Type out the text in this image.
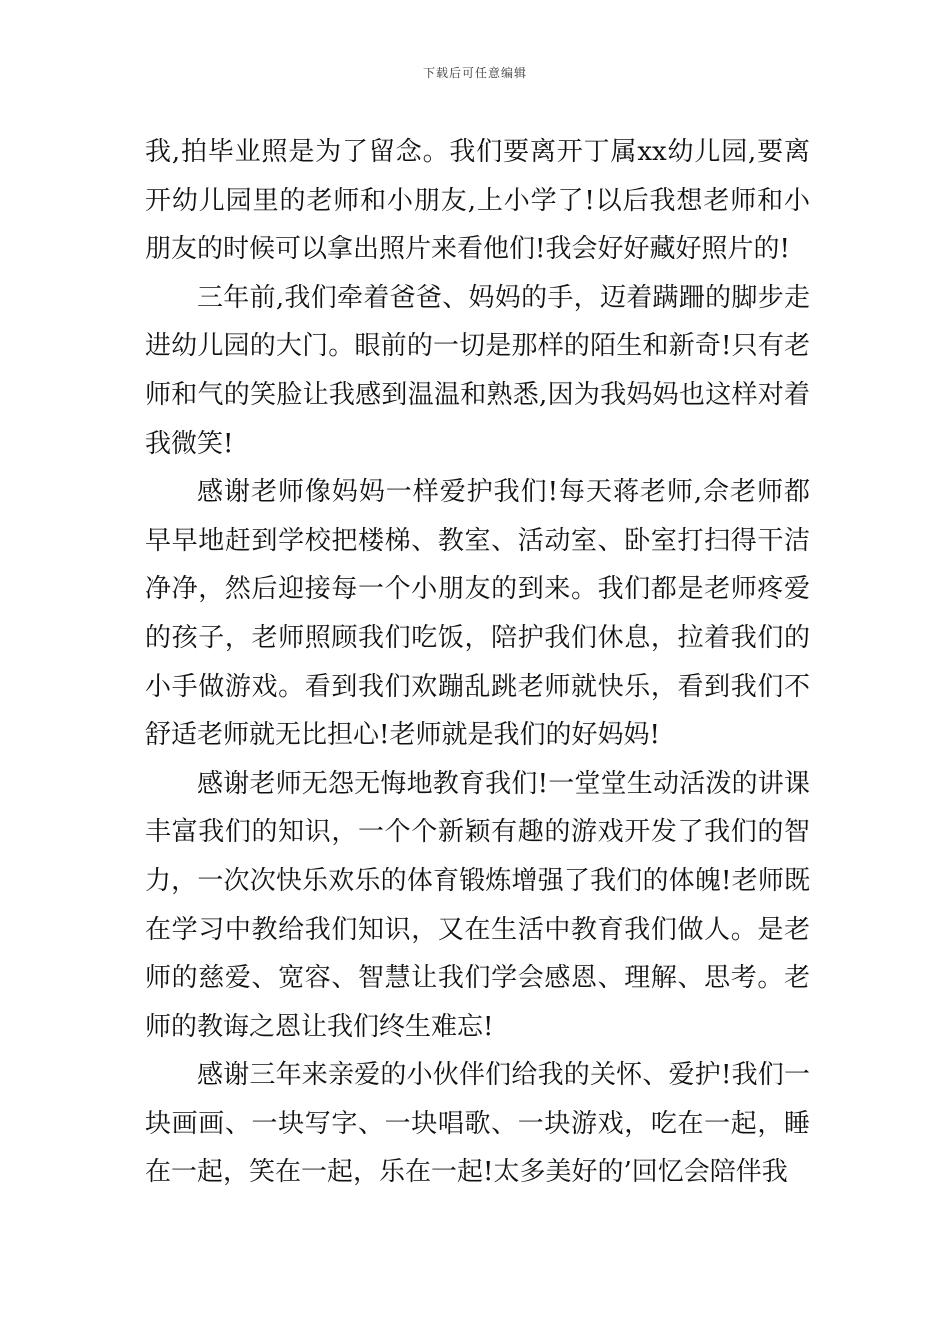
下载后可任意编辑

我,拍毕业照是为了留念。我们要离开丁属xx幼儿园,要离开幼儿园里的老师和小朋友,上小学了!以后我想老师和小朋友的时候可以拿出照片来看他们!我会好好藏好照片的!

三年前,我们牵着爸爸、妈妈的手，迈着蹒跚的脚步走进幼儿园的大门。眼前的一切是那样的陌生和新奇!只有老师和气的笑脸让我感到温温和熟悉,因为我妈妈也这样对着我微笑!

感谢老师像妈妈一样爱护我们!每天蒋老师,佘老师都早早地赶到学校把楼梯、教室、活动室、卧室打扫得干洁净净，然后迎接每一个小朋友的到来。我们都是老师疼爱的孩子，老师照顾我们吃饭，陪护我们休息，拉着我们的小手做游戏。看到我们欢蹦乱跳老师就快乐，看到我们不舒适老师就无比担心!老师就是我们的好妈妈!

感谢老师无怨无悔地教育我们!一堂堂生动活泼的讲课丰富我们的知识，一个个新颖有趣的游戏开发了我们的智力，一次次快乐欢乐的体育锻炼增强了我们的体魄!老师既在学习中教给我们知识，又在生活中教育我们做人。是老师的慈爱、宽容、智慧让我们学会感恩、理解、思考。老师的教诲之恩让我们终生难忘!

感谢三年来亲爱的小伙伴们给我的关怀、爱护!我们一块画画、一块写字、一块唱歌、一块游戏，吃在一起，睡在一起，笑在一起，乐在一起!太多美好的’回忆会陪伴我
